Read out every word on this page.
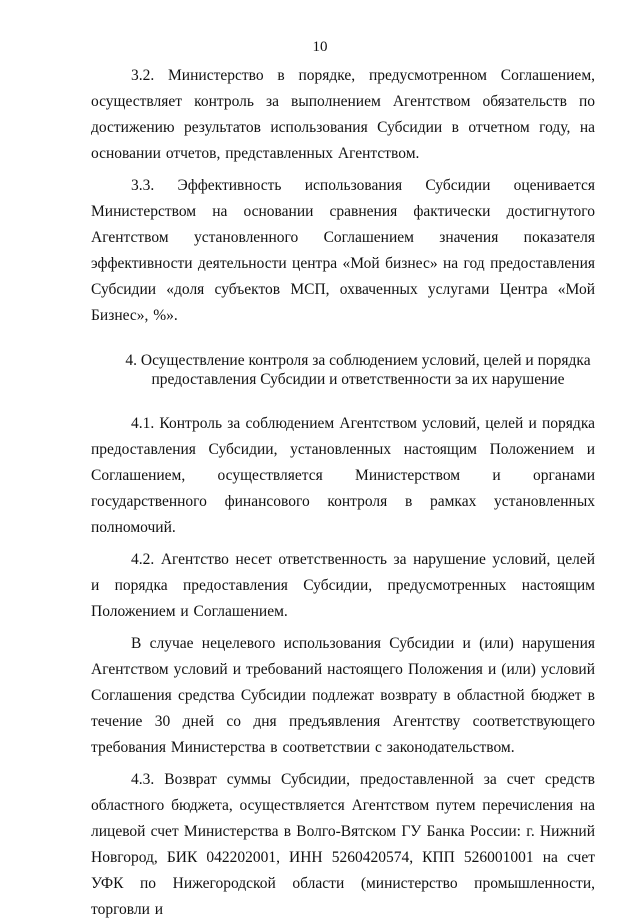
10

3.2. Министерство в порядке, предусмотренном Соглашением, осуществляет контроль за выполнением Агентством обязательств по достижению результатов использования Субсидии в отчетном году, на основании отчетов, представленных Агентством.

3.3. Эффективность использования Субсидии оценивается Министерством на основании сравнения фактически достигнутого Агентством установленного Соглашением значения показателя эффективности деятельности центра «Мой бизнес» на год предоставления Субсидии «доля субъектов МСП, охваченных услугами Центра «Мой Бизнес», %».

4. Осуществление контроля за соблюдением условий, целей и порядка

предоставления Субсидии и ответственности за их нарушение

4.1. Контроль за соблюдением Агентством условий, целей и порядка предоставления Субсидии, установленных настоящим Положением и Соглашением, осуществляется Министерством и органами государственного финансового контроля в рамках установленных полномочий.

4.2. Агентство несет ответственность за нарушение условий, целей и порядка предоставления Субсидии, предусмотренных настоящим Положением и Соглашением.

В случае нецелевого использования Субсидии и (или) нарушения Агентством условий и требований настоящего Положения и (или) условий Соглашения средства Субсидии подлежат возврату в областной бюджет в течение 30 дней со дня предъявления Агентству соответствующего требования Министерства в соответствии с законодательством.

4.3. Возврат суммы Субсидии, предоставленной за счет средств областного бюджета, осуществляется Агентством путем перечисления на лицевой счет Министерства в Волго-Вятском ГУ Банка России: г. Нижний Новгород, БИК 042202001, ИНН 5260420574, КПП 526001001 на счет УФК по Нижегородской области (министерство промышленности, торговли и
